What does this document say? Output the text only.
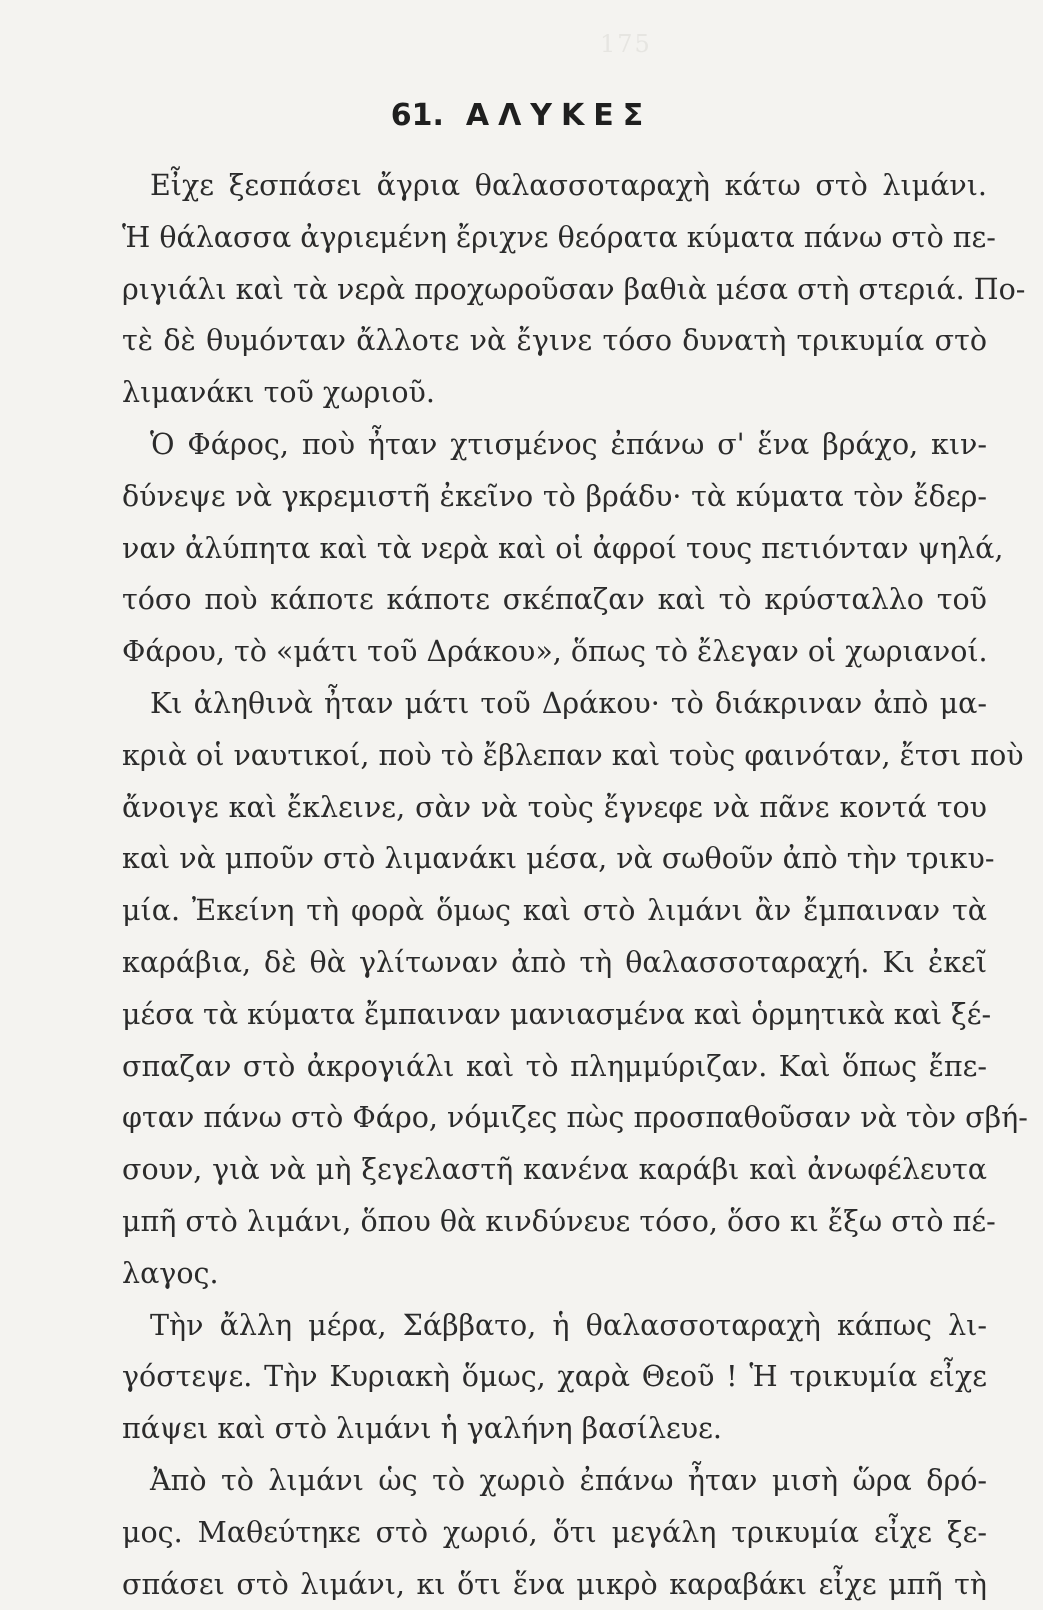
175
61. ΑΛΥΚΕΣ
Εἶχε ξεσπάσει ἄγρια θαλασσοταραχὴ κάτω στὸ λιμάνι.
Ἡ θάλασσα ἀγριεμένη ἔριχνε θεόρατα κύματα πάνω στὸ πε-
ριγιάλι καὶ τὰ νερὰ προχωροῦσαν βαθιὰ μέσα στὴ στεριά. Πο-
τὲ δὲ θυμόνταν ἄλλοτε νὰ ἔγινε τόσο δυνατὴ τρικυμία στὸ
λιμανάκι τοῦ χωριοῦ.
Ὁ Φάρος, ποὺ ἦταν χτισμένος ἐπάνω σ' ἕνα βράχο, κιν-
δύνεψε νὰ γκρεμιστῆ ἐκεῖνο τὸ βράδυ· τὰ κύματα τὸν ἔδερ-
ναν ἀλύπητα καὶ τὰ νερὰ καὶ οἱ ἀφροί τους πετιόνταν ψηλά,
τόσο ποὺ κάποτε κάποτε σκέπαζαν καὶ τὸ κρύσταλλο τοῦ
Φάρου, τὸ «μάτι τοῦ Δράκου», ὅπως τὸ ἔλεγαν οἱ χωριανοί.
Κι ἀληθινὰ ἦταν μάτι τοῦ Δράκου· τὸ διάκριναν ἀπὸ μα-
κριὰ οἱ ναυτικοί, ποὺ τὸ ἔβλεπαν καὶ τοὺς φαινόταν, ἔτσι ποὺ
ἄνοιγε καὶ ἔκλεινε, σὰν νὰ τοὺς ἔγνεφε νὰ πᾶνε κοντά του
καὶ νὰ μποῦν στὸ λιμανάκι μέσα, νὰ σωθοῦν ἀπὸ τὴν τρικυ-
μία. Ἐκείνη τὴ φορὰ ὅμως καὶ στὸ λιμάνι ἂν ἔμπαιναν τὰ
καράβια, δὲ θὰ γλίτωναν ἀπὸ τὴ θαλασσοταραχή. Κι ἐκεῖ
μέσα τὰ κύματα ἔμπαιναν μανιασμένα καὶ ὁρμητικὰ καὶ ξέ-
σπαζαν στὸ ἀκρογιάλι καὶ τὸ πλημμύριζαν. Καὶ ὅπως ἔπε-
φταν πάνω στὸ Φάρο, νόμιζες πὼς προσπαθοῦσαν νὰ τὸν σβή-
σουν, γιὰ νὰ μὴ ξεγελαστῆ κανένα καράβι καὶ ἀνωφέλευτα
μπῆ στὸ λιμάνι, ὅπου θὰ κινδύνευε τόσο, ὅσο κι ἔξω στὸ πέ-
λαγος.
Τὴν ἄλλη μέρα, Σάββατο, ἡ θαλασσοταραχὴ κάπως λι-
γόστεψε. Τὴν Κυριακὴ ὅμως, χαρὰ Θεοῦ ! Ἡ τρικυμία εἶχε
πάψει καὶ στὸ λιμάνι ἡ γαλήνη βασίλευε.
Ἀπὸ τὸ λιμάνι ὡς τὸ χωριὸ ἐπάνω ἦταν μισὴ ὥρα δρό-
μος. Μαθεύτηκε στὸ χωριό, ὅτι μεγάλη τρικυμία εἶχε ξε-
σπάσει στὸ λιμάνι, κι ὅτι ἕνα μικρὸ καραβάκι εἶχε μπῆ τὴ
